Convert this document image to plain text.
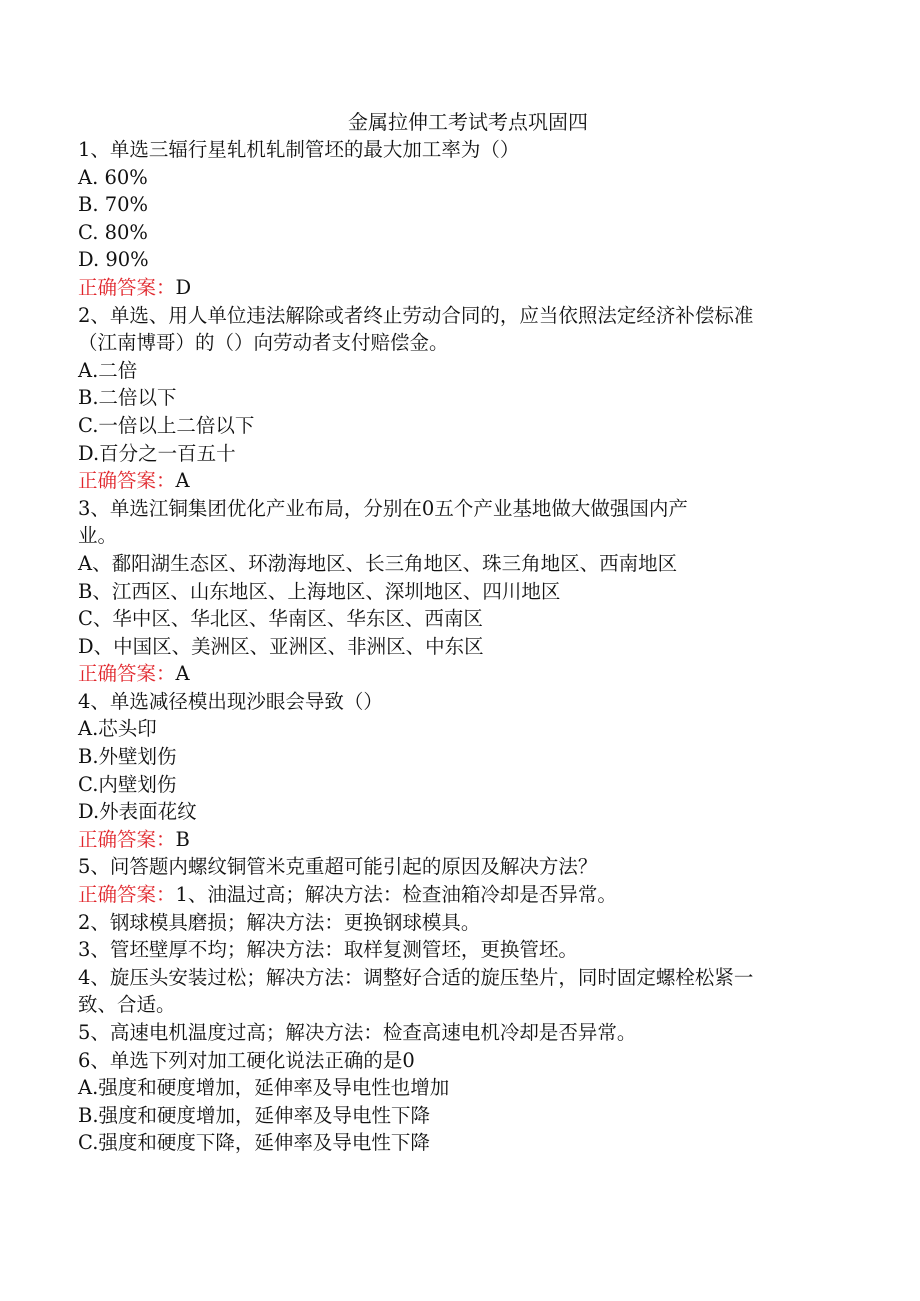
金属拉伸工考试考点巩固四
1、单选三辐行星轧机轧制管坯的最大加工率为（）
A. 60%
B. 70%
C. 80%
D. 90%
正确答案：D
2、单选、用人单位违法解除或者终止劳动合同的，应当依照法定经济补偿标准
（江南博哥）的（）向劳动者支付赔偿金。
A.二倍
B.二倍以下
C.一倍以上二倍以下
D.百分之一百五十
正确答案：A
3、单选江铜集团优化产业布局，分别在0五个产业基地做大做强国内产
业。
A、鄱阳湖生态区、环渤海地区、长三角地区、珠三角地区、西南地区
B、江西区、山东地区、上海地区、深圳地区、四川地区
C、华中区、华北区、华南区、华东区、西南区
D、中国区、美洲区、亚洲区、非洲区、中东区
正确答案：A
4、单选减径模出现沙眼会导致（）
A.芯头印
B.外壁划伤
C.内壁划伤
D.外表面花纹
正确答案：B
5、问答题内螺纹铜管米克重超可能引起的原因及解决方法？
正确答案：1、油温过高；解决方法：检查油箱冷却是否异常。
2、钢球模具磨损；解决方法：更换钢球模具。
3、管坯壁厚不均；解决方法：取样复测管坯，更换管坯。
4、旋压头安装过松；解决方法：调整好合适的旋压垫片，同时固定螺栓松紧一
致、合适。
5、高速电机温度过高；解决方法：检查高速电机冷却是否异常。
6、单选下列对加工硬化说法正确的是0
A.强度和硬度增加，延伸率及导电性也增加
B.强度和硬度增加，延伸率及导电性下降
C.强度和硬度下降，延伸率及导电性下降
